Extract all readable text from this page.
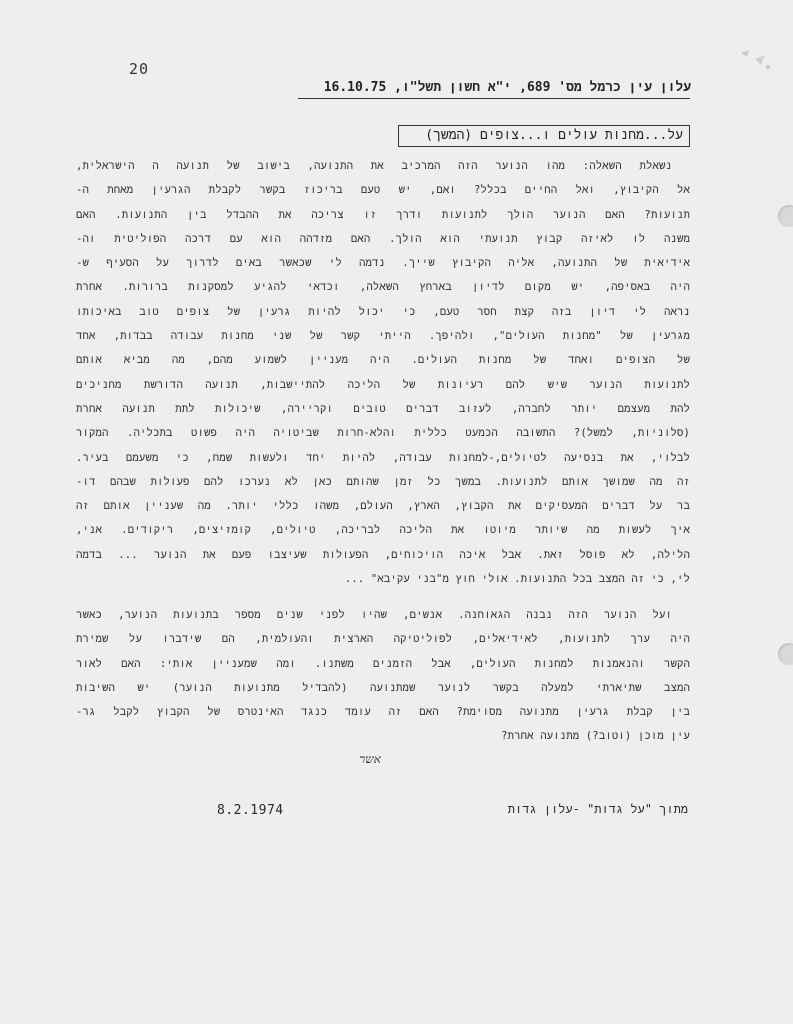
20
עלון עין כרמל מס' 689, י"א חשון תשל"ו, 16.10.75
על...מחנות עולים ו...צופים (המשך)
נשאלת השאלה: מהו הנוער הזה המרכיב את התנועה, בישוב של תנועה ה הישראלית,
אל הקיבוץ, ואל החיים בכלל? ואם, יש טעם בריכוז בקשר לקבלת הגרעין מאחת ה-
תנועות? האם הנוער הולך לתנועות ודרך זו צריכה את ההבדל בין התנועות. האם
משנה לו לאיזה קבוץ תנועתי הוא הולך. האם מזדהה הוא עם דרכה הפוליטית וה-
אידיאית של התנועה, אליה הקיבוץ שייך. נדמה לי שכאשר באים לדרוך על הסעיף ש-
היה באסיפה, יש מקום לדיון בארחץ השאלה, וכדאי להגיע למסקנות ברורות. אחרת
נראה לי דיון בזה קצת חסר טעם, כי יכול להיות גרעין של צופים טוב באיכותו
מגרעין של "מחנות העולים", ולהיפך. הייתי קשר של שני מחנות עבודה בבדות, אחד
של הצופים ואחד של מחנות העולים. היה מעניין לשמוע מהם, מה מביא אותם
לתנועות הנוער שיש להם רעיונות של הליכה להתיישבות, תנועה הדורשת מחניכים
להת מעצמם יותר לחברה, לעזוב דברים טובים וקריירה, שיכולות לתת תנועה אחרת
(סלוניות, למשל)? התשובה הכמעט כללית והלא-חרות שביטויה היה פשוט בתכליה. המקור
לבלוי, את בנסיעה לטיולים,-למחנות עבודה, להיות יחד ולעשות שמח, כי משעמם בעיר.
זה מה שמושך אותם לתנועות. במשך כל זמן שהותם כאן לא נערכו להם פעולות שבהם דו-
בר על דברים המעסיקים את הקבוץ, הארץ, העולם, משהו כללי יותר. מה שעניין אותם זה
איך לעשות מה שיותר מיוטו את הליכה לבריכה, טיולים, קומזיצים, ריקודים. אני,
הלילה, לא פוסל זאת. אבל איכה הויכוחים, הפעולות שעיצבו פעם את הנוער ... בדמה
לי, כי זה המצב בכל התנועות. אולי חוץ מ"בני עקיבא" ...
ועל הנוער הזה נבנה הגאוחנה. אנשים, שהיו לפני שנים מספר בתנועות הנוער, כאשר
היה ערך לתנועות, לאידיאלים, לפוליטיקה הארצית והעולמית, הם שידברו על שמירת
הקשר והנאמנות למחנות העולים, אבל הזמנים משתנו. ומה שמעניין אותי: האם לאור
המצב שתיארתי למעלה בקשר לנוער שמתנועה (להבדיל מתנועות הנוער) יש השיבות
בין קבלת גרעין מתנועה מסוימת? האם זה עומד כנגד האינטרס של הקבוץ לקבל גר-
עין מוכן (וטוב?) מתנועה אחרת?
אשר
8.2.1974	מתוך "על גדות" -עלון גדות
